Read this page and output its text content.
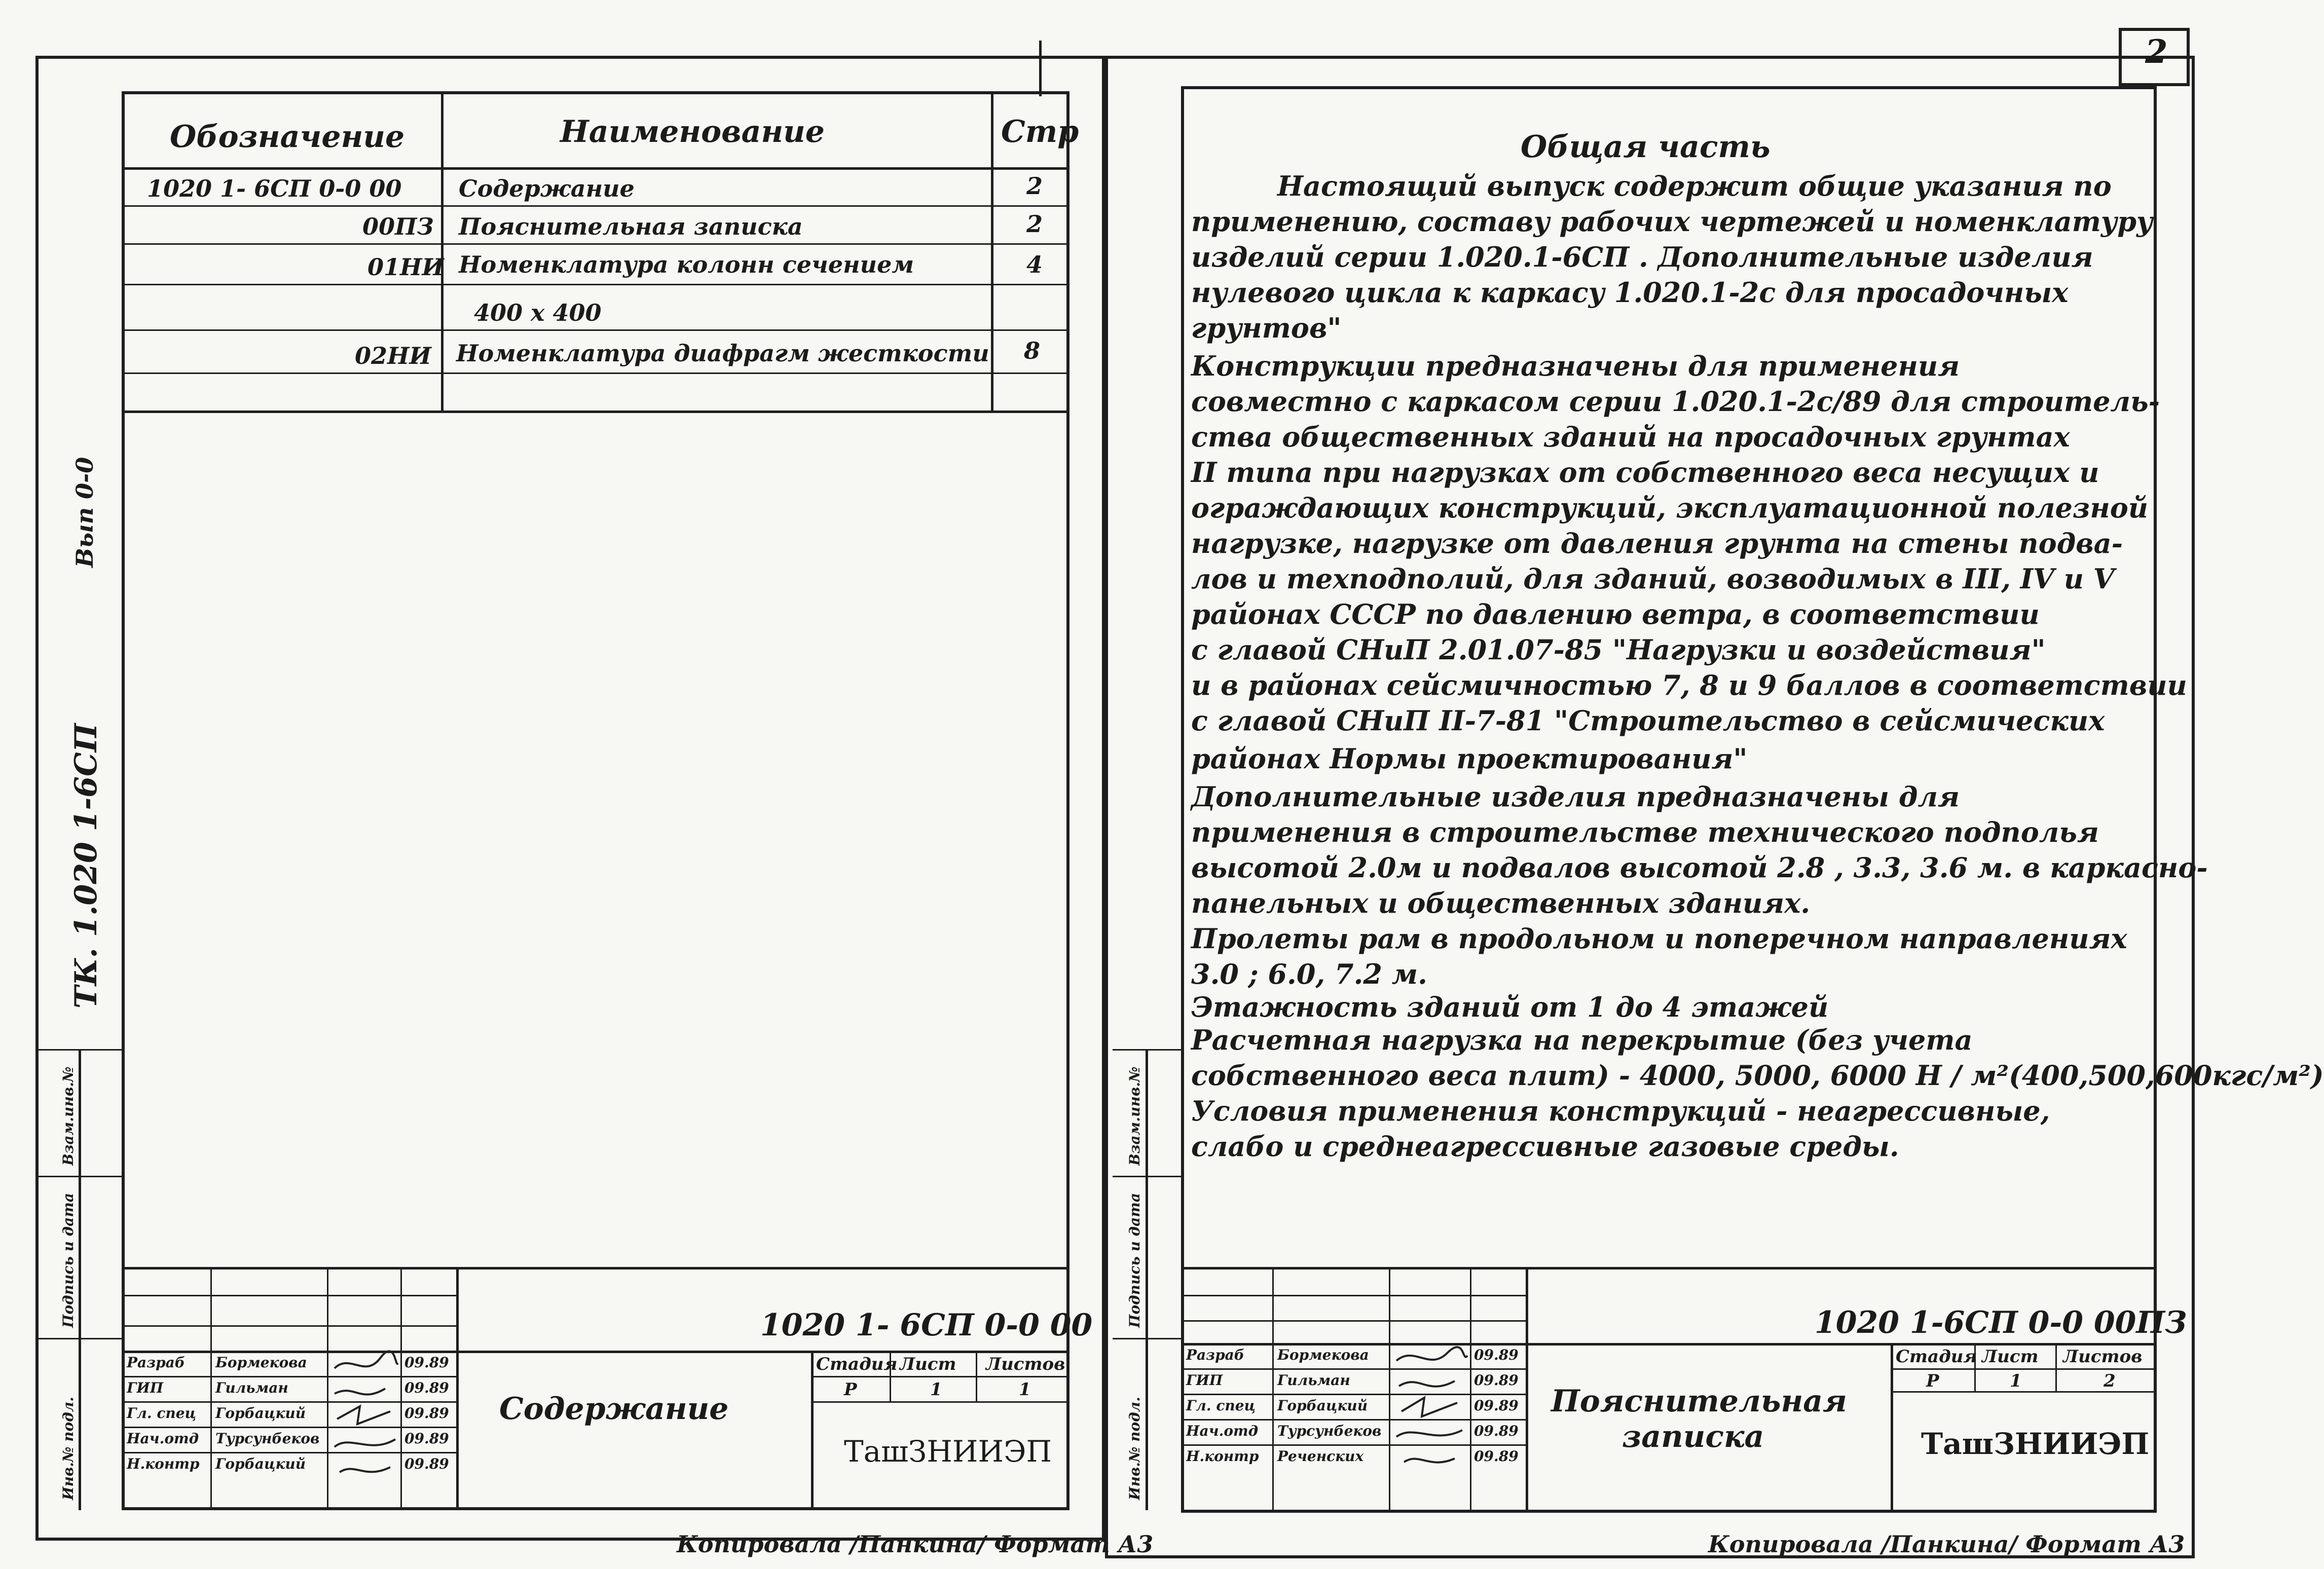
Вып 0-0
ТК. 1.020 1-6СП
Взам.инв.№
Подпись и дата
Инв.№ подл.
Обозначение	Наименование	Стр
1020 1- 6СП 0-0 00 Содержание	2
00ПЗ Пояснительная записка	2
01НИ Номенклатура колонн сечением	4
400 х 400
02НИ Номенклатура диафрагм жесткости 8
1020 1- 6СП 0-0 00
Содержание
ТашЗНИИЭП
Стадия Лист Листов
Р	1	1
Разраб Бормекова	09.89
ГИП	Гильман	09.89
Гл. спец Горбацкий	09.89
Нач.отд Турсунбеков	09.89
Н.контр Горбацкий	09.89
Копировала /Панкина/ Формат А3
2
Взам.инв.№
Подпись и дата
Инв.№ подл.
Общая часть
Настоящий выпуск содержит общие указания по
применению, составу рабочих чертежей и номенклатуру
изделий серии 1.020.1-6СП . Дополнительные изделия
нулевого цикла к каркасу 1.020.1-2с для просадочных
грунтов"
Конструкции предназначены для применения
совместно с каркасом серии 1.020.1-2с/89 для строитель-
ства общественных зданий на просадочных грунтах
II типа при нагрузках от собственного веса несущих и
ограждающих конструкций, эксплуатационной полезной
нагрузке, нагрузке от давления грунта на стены подва-
лов и техподполий, для зданий, возводимых в III, IV и V
районах СССР по давлению ветра, в соответствии
с главой СНиП 2.01.07-85 "Нагрузки и воздействия"
и в районах сейсмичностью 7, 8 и 9 баллов в соответствии
с главой СНиП II-7-81 "Строительство в сейсмических
районах Нормы проектирования"
Дополнительные изделия предназначены для
применения в строительстве технического подполья
высотой 2.0м и подвалов высотой 2.8 , 3.3, 3.6 м. в каркасно-
панельных и общественных зданиях.
Пролеты рам в продольном и поперечном направлениях
3.0 ; 6.0, 7.2 м.
Этажность зданий от 1 до 4 этажей
Расчетная нагрузка на перекрытие (без учета
собственного веса плит) - 4000, 5000, 6000 Н / м²(400,500,600кгс/м²)
Условия применения конструкций - неагрессивные,
слабо и среднеагрессивные газовые среды.
1020 1-6СП 0-0 00ПЗ
Пояснительная
записка	ТашЗНИИЭП
Стадия Лист Листов
Р	1	2
Разраб Бормекова	09.89
ГИП	Гильман	09.89
Гл. спец Горбацкий	09.89
Нач.отд Турсунбеков	09.89
Н.контр Реченских	09.89
Копировала /Панкина/ Формат А3
